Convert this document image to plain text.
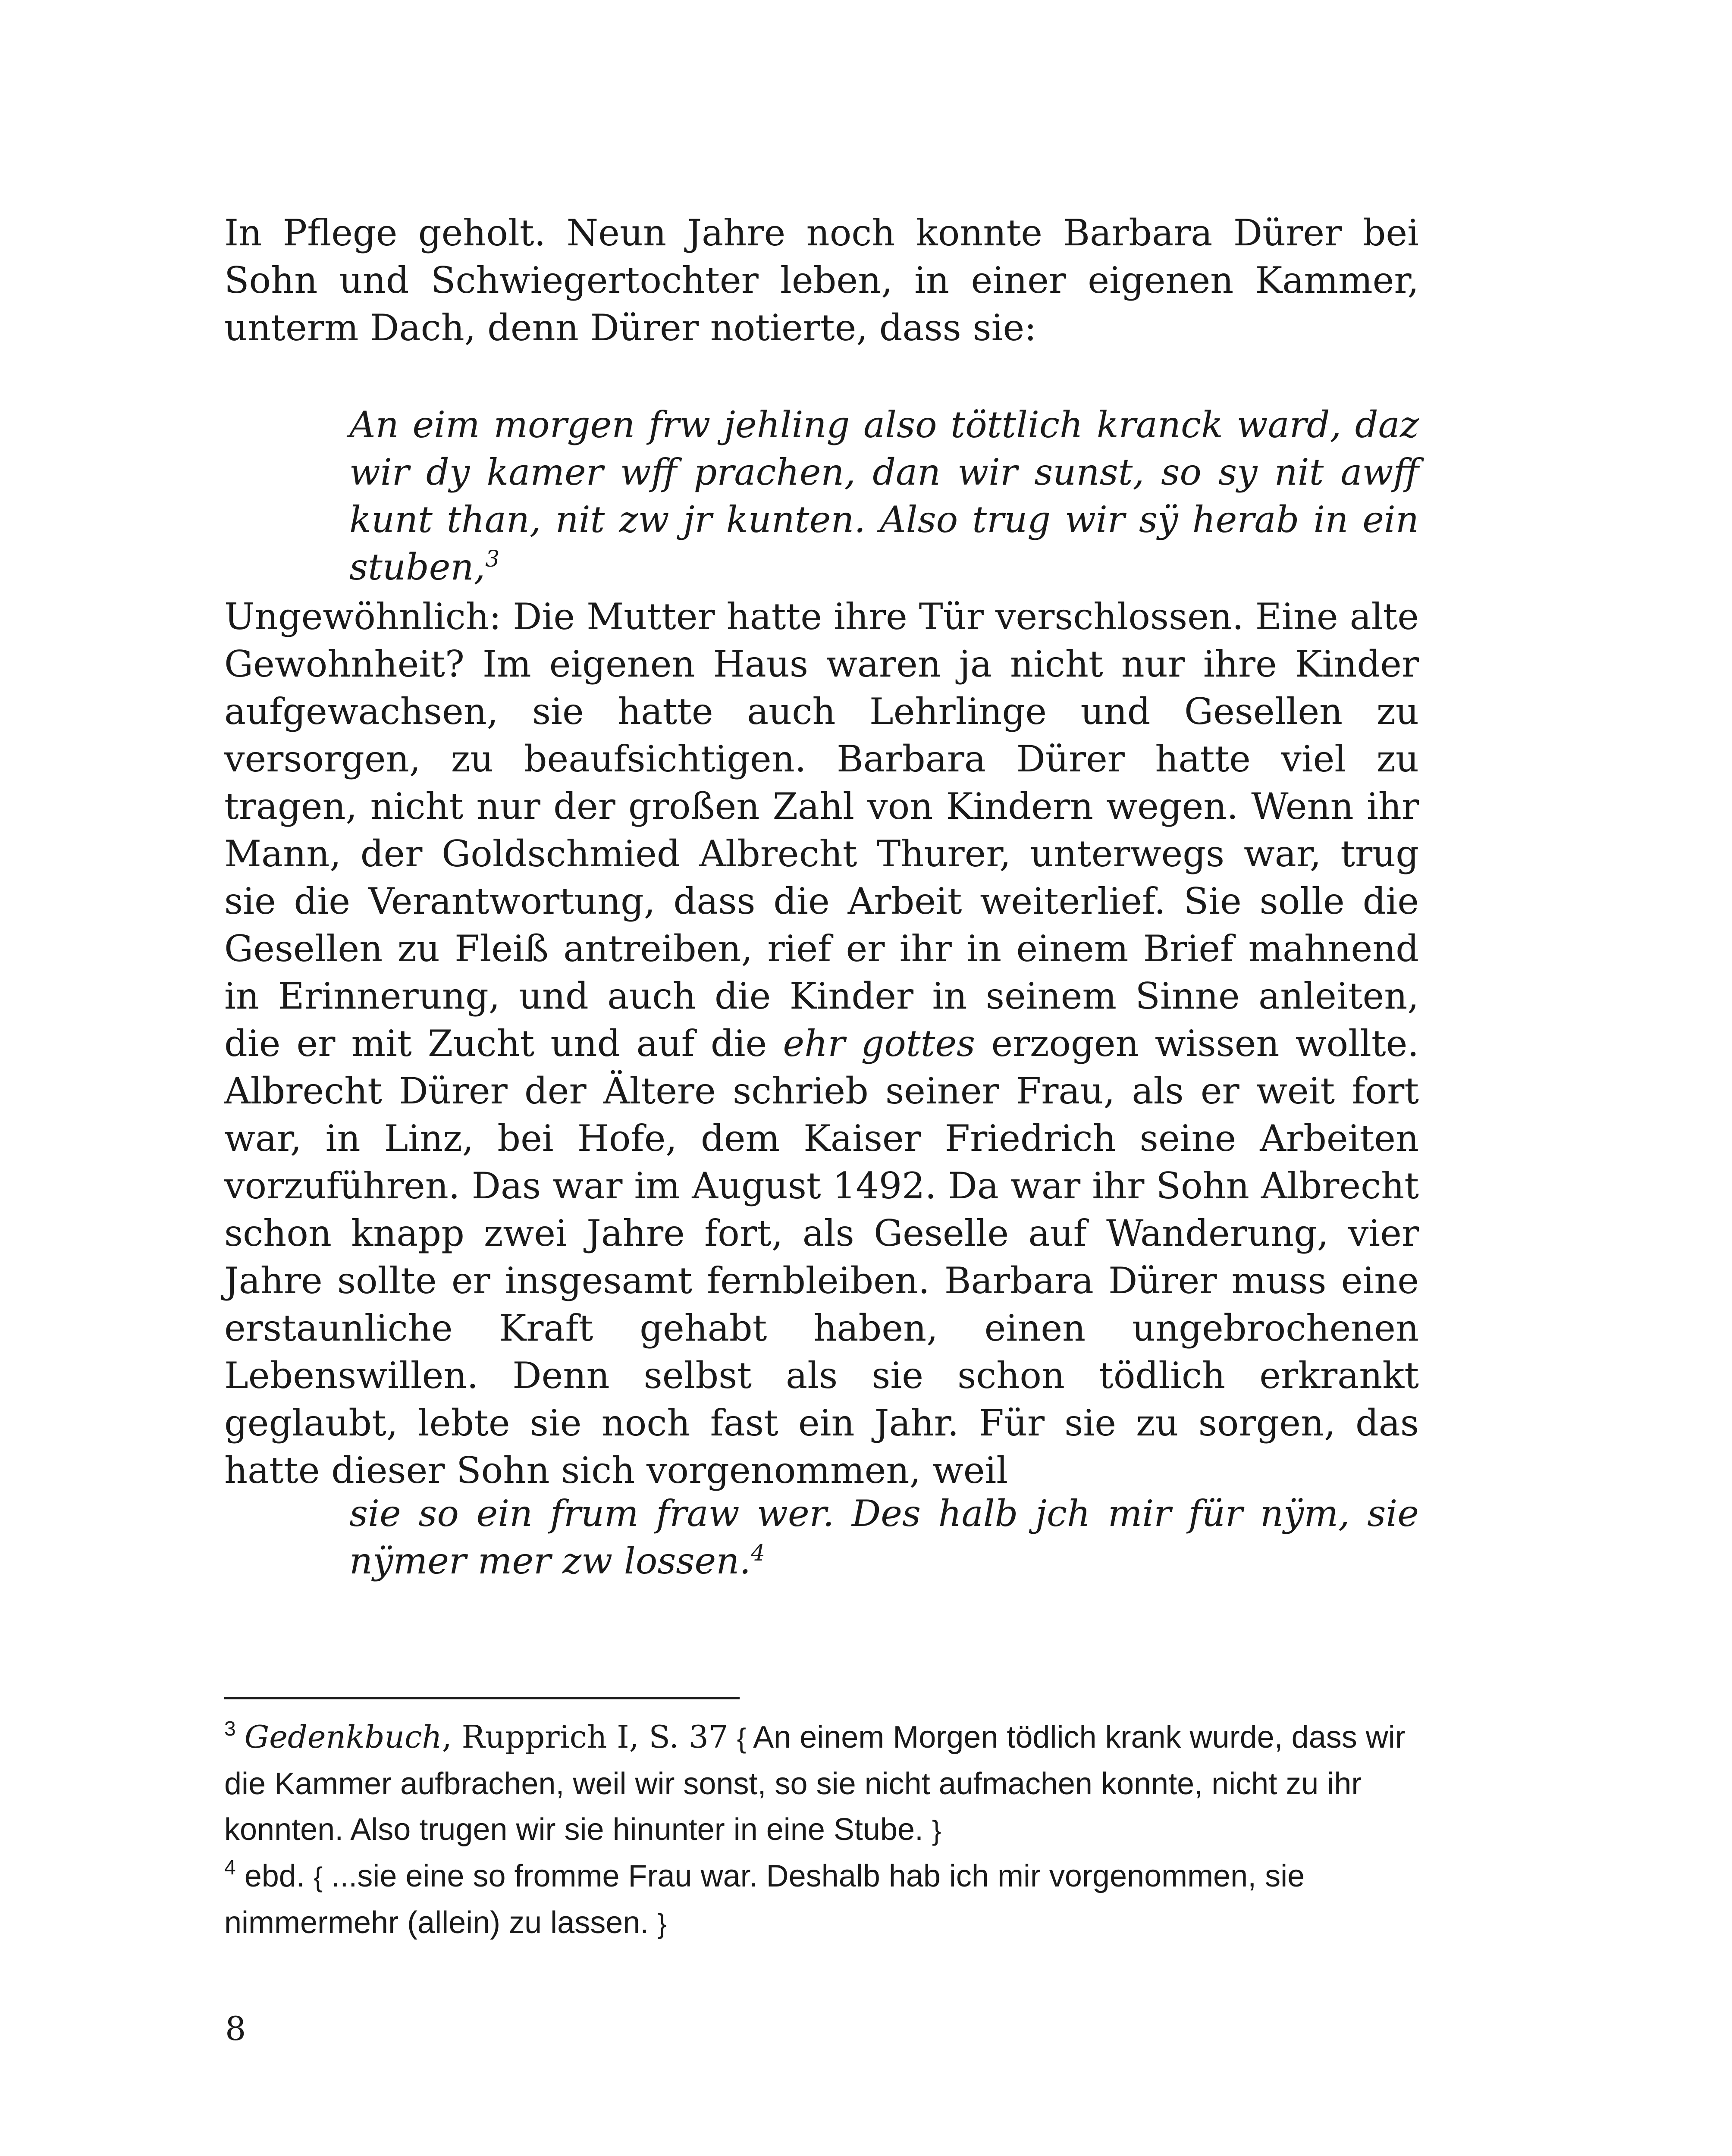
In Pflege geholt. Neun Jahre noch konnte Barbara Dürer bei Sohn und Schwiegertochter leben, in einer eigenen Kammer, unterm Dach, denn Dürer notierte, dass sie:

An eim morgen frw jehling also töttlich kranck ward, daz wir dy kamer wff prachen, dan wir sunst, so sy nit awff kunt than, nit zw jr kunten. Also trug wir sÿ herab in ein stuben,$^3$

Ungewöhnlich: Die Mutter hatte ihre Tür verschlossen. Eine alte Gewohnheit? Im eigenen Haus waren ja nicht nur ihre Kinder aufgewachsen, sie hatte auch Lehrlinge und Gesellen zu versorgen, zu beaufsichtigen. Barbara Dürer hatte viel zu tragen, nicht nur der großen Zahl von Kindern wegen. Wenn ihr Mann, der Goldschmied Albrecht Thurer, unterwegs war, trug sie die Verantwortung, dass die Arbeit weiterlief. Sie solle die Gesellen zu Fleiß antreiben, rief er ihr in einem Brief mahnend in Erinnerung, und auch die Kinder in seinem Sinne anleiten, die er mit Zucht und auf die ehr gottes erzogen wissen wollte. Albrecht Dürer der Ältere schrieb seiner Frau, als er weit fort war, in Linz, bei Hofe, dem Kaiser Friedrich seine Arbeiten vorzuführen. Das war im August 1492. Da war ihr Sohn Albrecht schon knapp zwei Jahre fort, als Geselle auf Wanderung, vier Jahre sollte er insgesamt fernbleiben. Barbara Dürer muss eine erstaunliche Kraft gehabt haben, einen ungebrochenen Lebenswillen. Denn selbst als sie schon tödlich erkrankt geglaubt, lebte sie noch fast ein Jahr. Für sie zu sorgen, das hatte dieser Sohn sich vorgenommen, weil

sie so ein frum fraw wer. Des halb jch mir für nÿm, sie nÿmer mer zw lossen.$^4$

$^3$ Gedenkbuch, Rupprich I, S. 37 { An einem Morgen tödlich krank wurde, dass wir die Kammer aufbrachen, weil wir sonst, so sie nicht aufmachen konnte, nicht zu ihr konnten. Also trugen wir sie hinunter in eine Stube. }

$^4$ ebd. { ...sie eine so fromme Frau war. Deshalb hab ich mir vorgenommen, sie nimmermehr (allein) zu lassen. }

8
